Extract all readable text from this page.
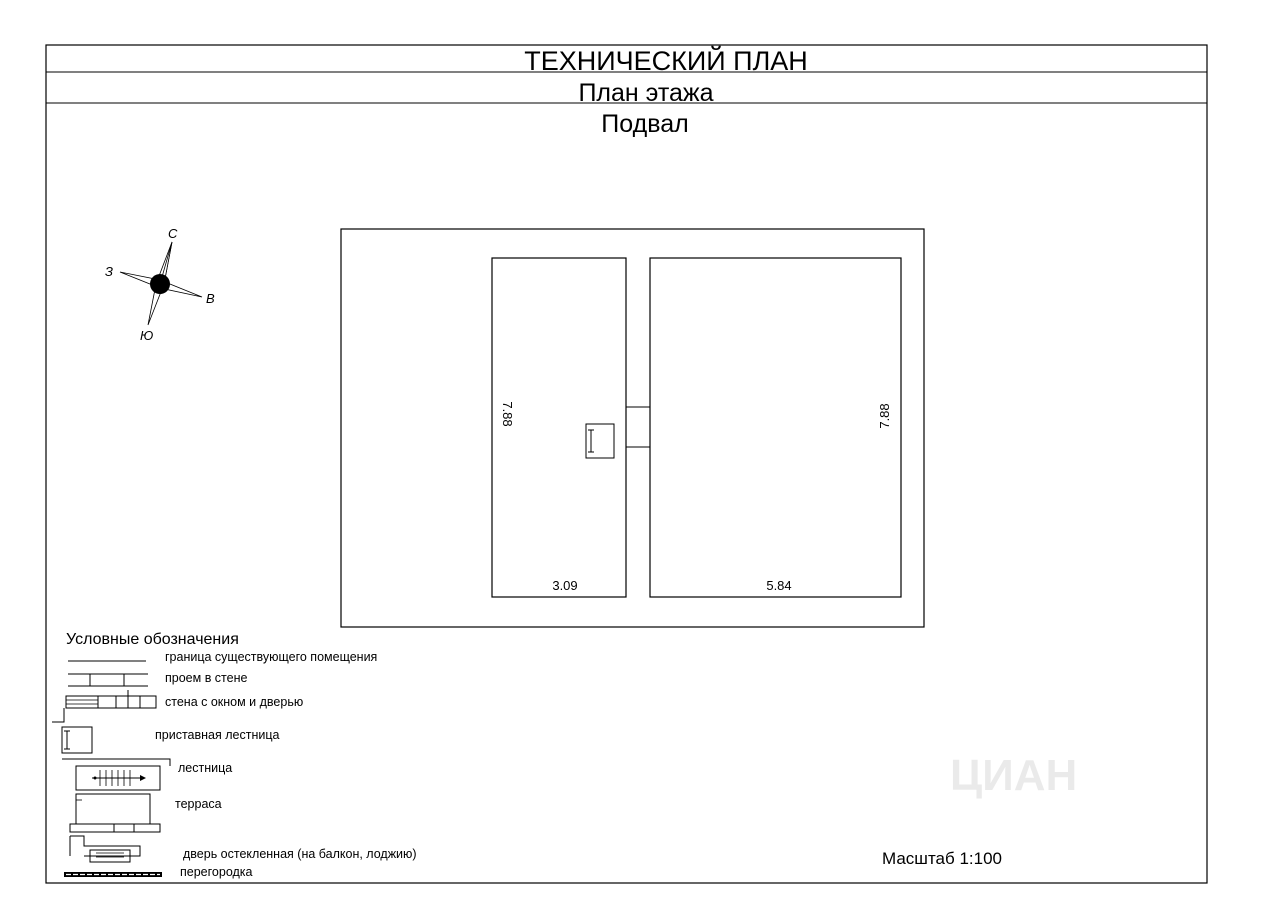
ТЕХНИЧЕСКИЙ ПЛАН
План этажа
Подвал
С
Ю
З
В
7.88	7.88
3.09	5.84
Условные обозначения
граница существующего помещения
проем в стене
стена с окном и дверью
приставная лестница
лестница
терраса
дверь остекленная (на балкон, лоджию)
перегородка
Масштаб 1:100
ЦИАН
